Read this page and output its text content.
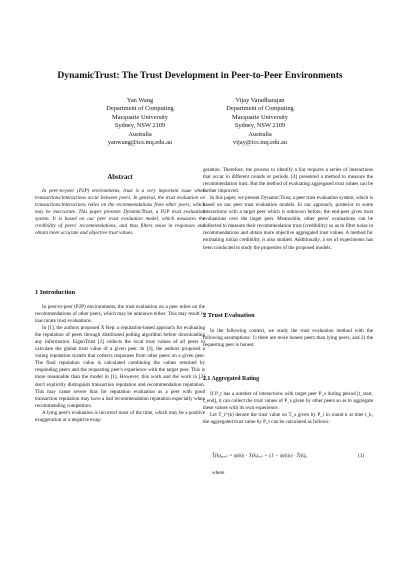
DynamicTrust: The Trust Development in Peer-to-Peer Environments
Yan Wang
Department of Computing
Macquarie University
Sydney, NSW 2109
Australia
yanwang@ics.mq.edu.au
Vijay Varadharajan
Department of Computing
Macquarie University
Sydney, NSW 2109
Australia
vijay@ics.mq.edu.au
Abstract

In peer-to-peer (P2P) environments, trust is a very important issue when transactions/interactions occur between peers. In general, the trust evaluation on transactions/interactions relies on the recommendations from other peers, which may be inaccurate. This paper presents DynamicTrust, a P2P trust evaluation system. It is based on our peer trust evaluation model, which measures the credibility of peers' recommendations, and thus filters noise in responses and obtain more accurate and objective trust values.

1 Introduction

In peer-to-peer (P2P) environments, the trust evaluation on a peer relies on the recommendations of other peers, which may be unknown either. This may result in inaccurate trust evaluations.

In [1], the authors proposed X Rep: a reputation-based approach for evaluating the reputation of peers through distributed polling algorithm before downloading any information. EigenTrust [2] collects the local trust values of all peers to calculate the global trust value of a given peer. In [3], the authors proposed a voting reputation system that collects responses from other peers on a given peer. The final reputation value is calculated combining the values returned by responding peers and the requesting peer's experience with the target peer. This is more reasonable than the model in [1]. However, this work and the work in [2] don't explicitly distinguish transaction reputation and recommendation reputation. This may cause severe bias for reputation evaluation as a peer with good transaction reputation may have a bad recommendation reputation especially when recommending competitors.

A lying peer's evaluation is incorrect most of the time, which may be a positive exaggeration or a negative exag-

geration. Therefore, the process to identify a liar requires a series of interactions that occur in different rounds or periods. [4] presented a method to measure the recommendation trust. But the method of evaluating aggregated trust values can be further improved.

In this paper, we present DynamicTrust, a peer trust evaluation system, which is based on our peer trust evaluation models. In our approach, posterior to some interactions with a target peer which is unknown before, the end-peer gives trust evaluations over the target peer. Meanwhile, other peers' evaluations can be collected to measure their recommendation trust (credibility) so as to filter noise in recommendations and obtain more objective aggregated trust values. A method for estimating initial credibility is also studied. Additionally, a set of experiments has been conducted to study the properties of the proposed models.

2 Trust Evaluation

In the following context, we study the trust evaluation method with the following assumptions: 1) there are more honest peers than lying peers, and 2) the requesting peer is honest.

2.1 Aggregated Rating

If P_t has a number of interactions with target peer P_s during period [t_start, t_end], it can collect the trust values of P_s given by other peers so as to aggregate these values with its own experience.

Let T_i^(k) denote the trust value on T_s given by P_i in round k at time t_k, the aggregated trust value by P_t can be calculated as follows:

T̂(k)ₐₑₓₚ = ψ(k)ₜ · T(k)ₑₓₚ + (1 − ψ(k)ₜ) · T̄(k)ₐ	(1)
where
